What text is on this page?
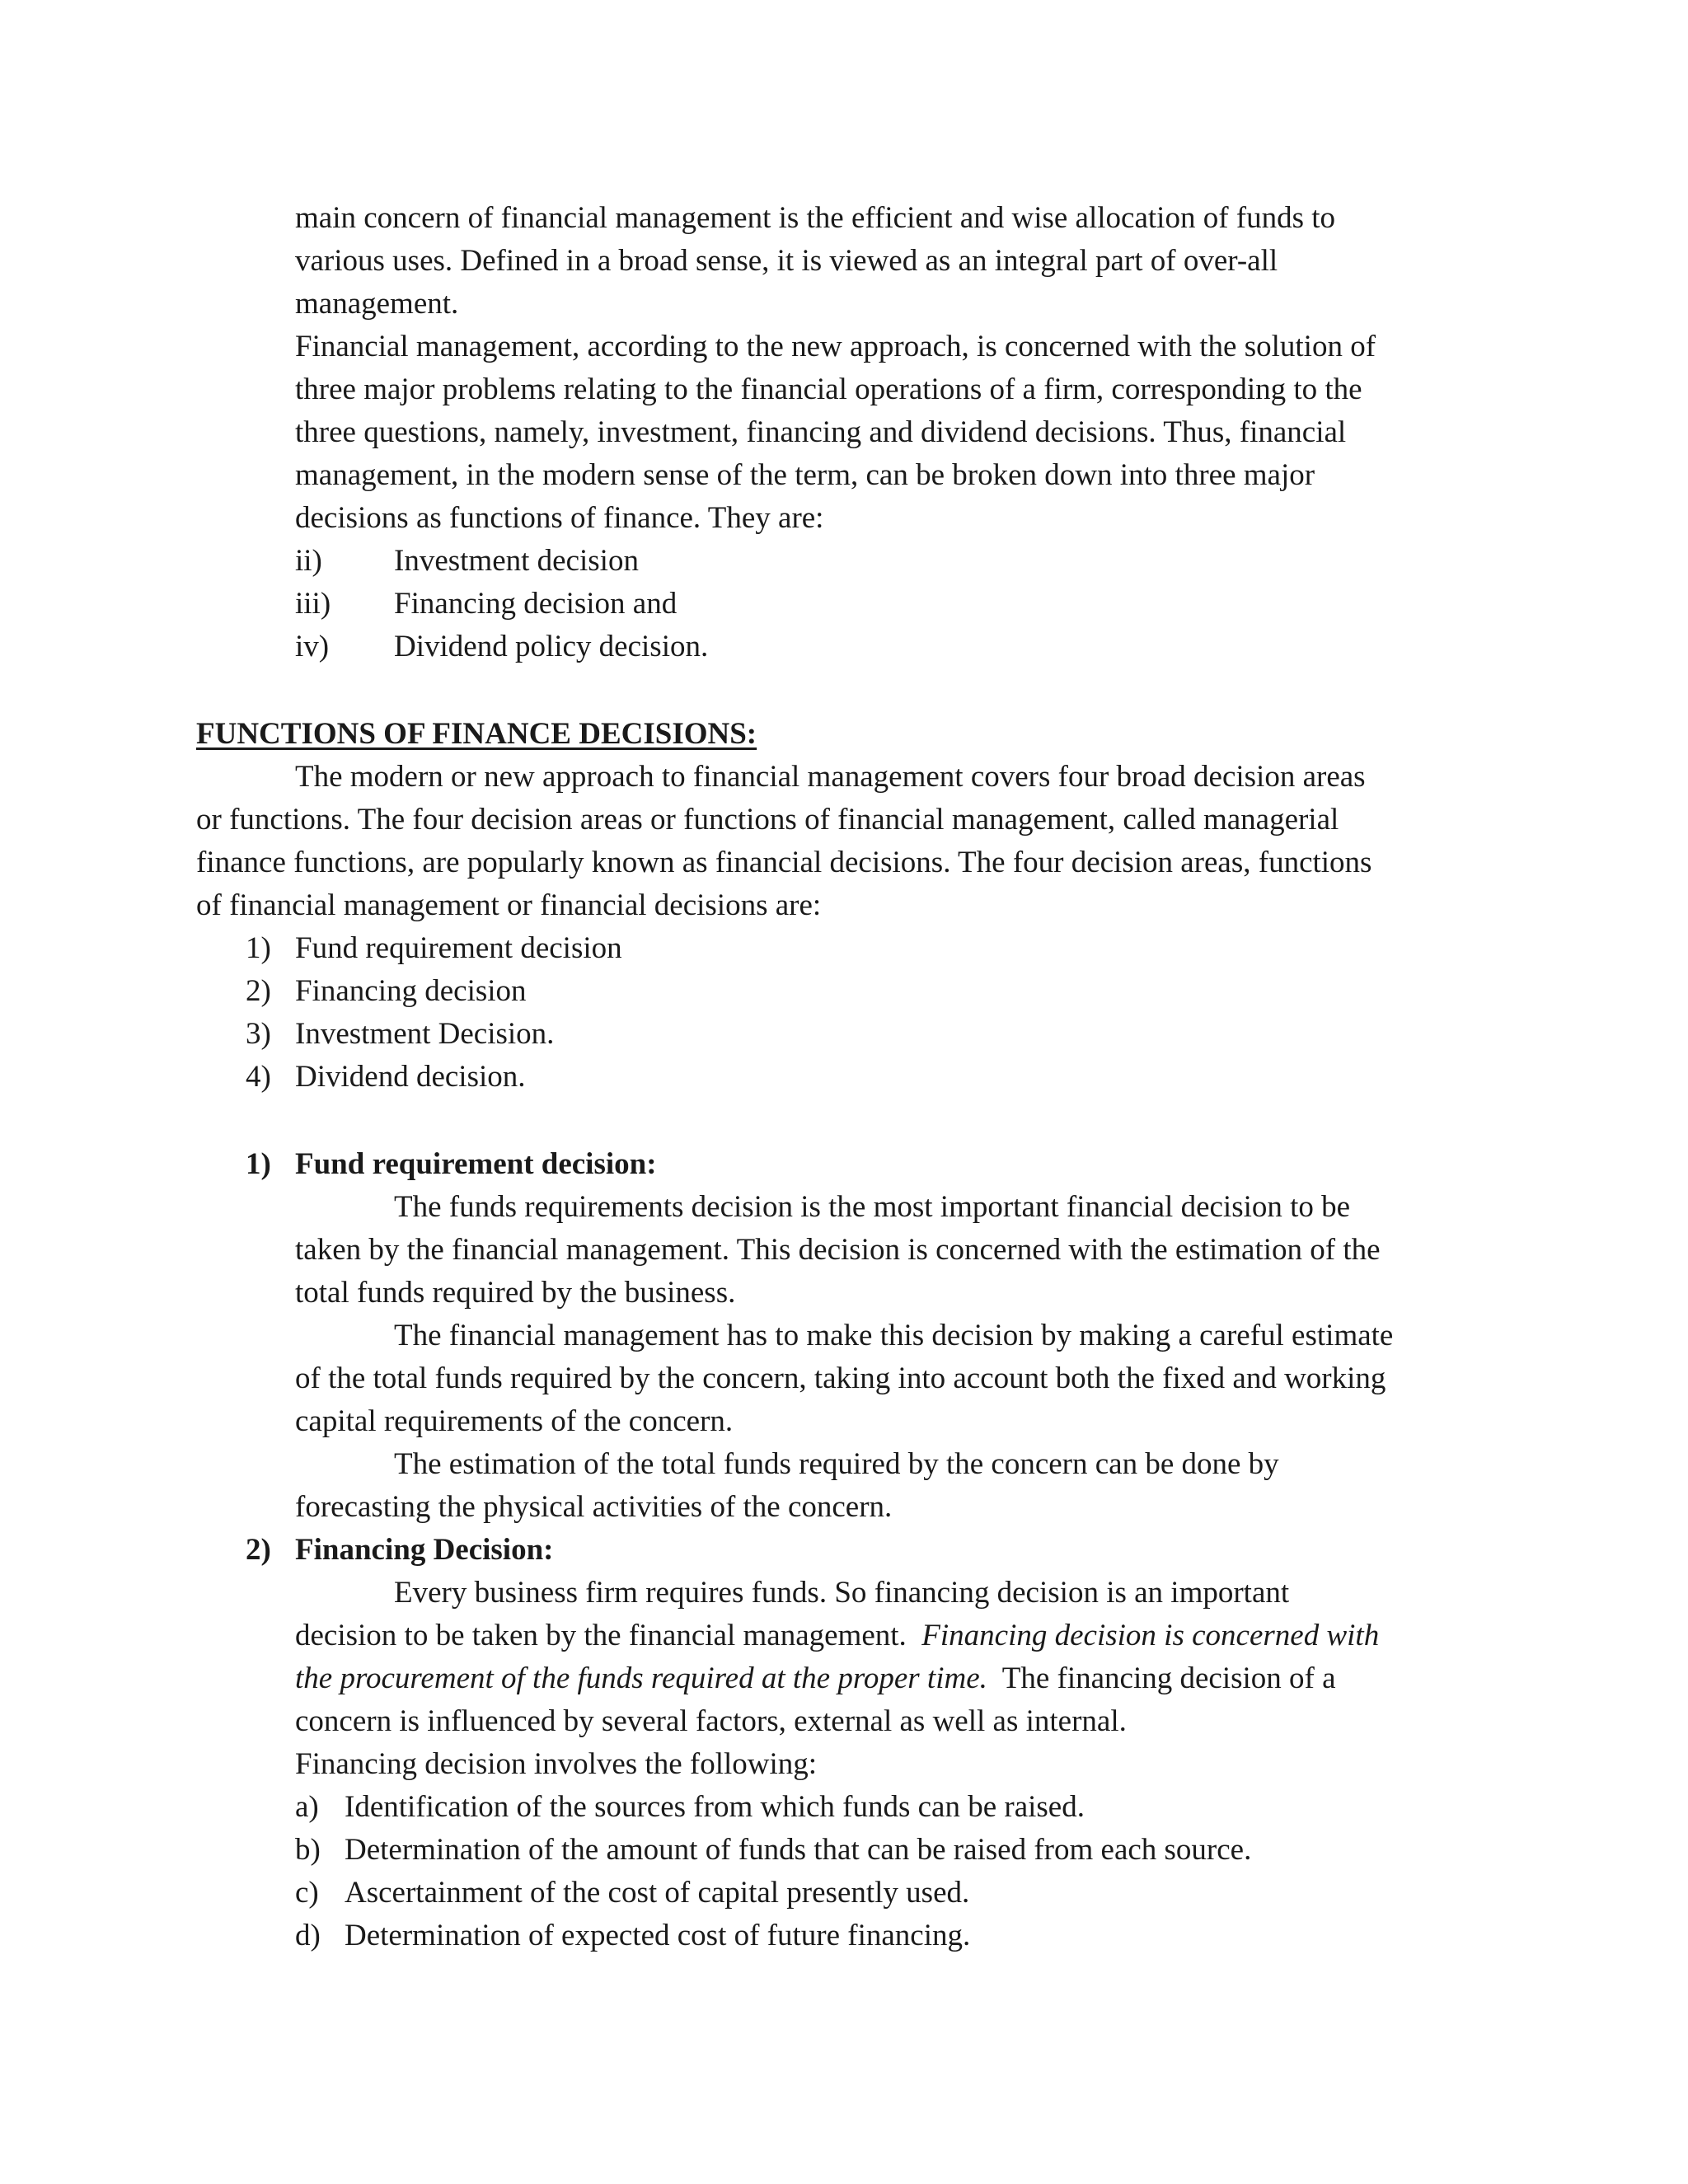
main concern of financial management is the efficient and wise allocation of funds to
various uses. Defined in a broad sense, it is viewed as an integral part of over-all
management.
Financial management, according to the new approach, is concerned with the solution of
three major problems relating to the financial operations of a firm, corresponding to the
three questions, namely, investment, financing and dividend decisions. Thus, financial
management, in the modern sense of the term, can be broken down into three major
decisions as functions of finance. They are:
ii) Investment decision
iii) Financing decision and
iv) Dividend policy decision.
FUNCTIONS OF FINANCE DECISIONS:
The modern or new approach to financial management covers four broad decision areas
or functions. The four decision areas or functions of financial management, called managerial
finance functions, are popularly known as financial decisions. The four decision areas, functions
of financial management or financial decisions are:
1) Fund requirement decision
2) Financing decision
3) Investment Decision.
4) Dividend decision.
1) Fund requirement decision:
The funds requirements decision is the most important financial decision to be
taken by the financial management. This decision is concerned with the estimation of the
total funds required by the business.
The financial management has to make this decision by making a careful estimate
of the total funds required by the concern, taking into account both the fixed and working
capital requirements of the concern.
The estimation of the total funds required by the concern can be done by
forecasting the physical activities of the concern.
2) Financing Decision:
Every business firm requires funds. So financing decision is an important
decision to be taken by the financial management.  Financing decision is concerned with
the procurement of the funds required at the proper time.  The financing decision of a
concern is influenced by several factors, external as well as internal.
Financing decision involves the following:
a) Identification of the sources from which funds can be raised.
b) Determination of the amount of funds that can be raised from each source.
c) Ascertainment of the cost of capital presently used.
d) Determination of expected cost of future financing.
